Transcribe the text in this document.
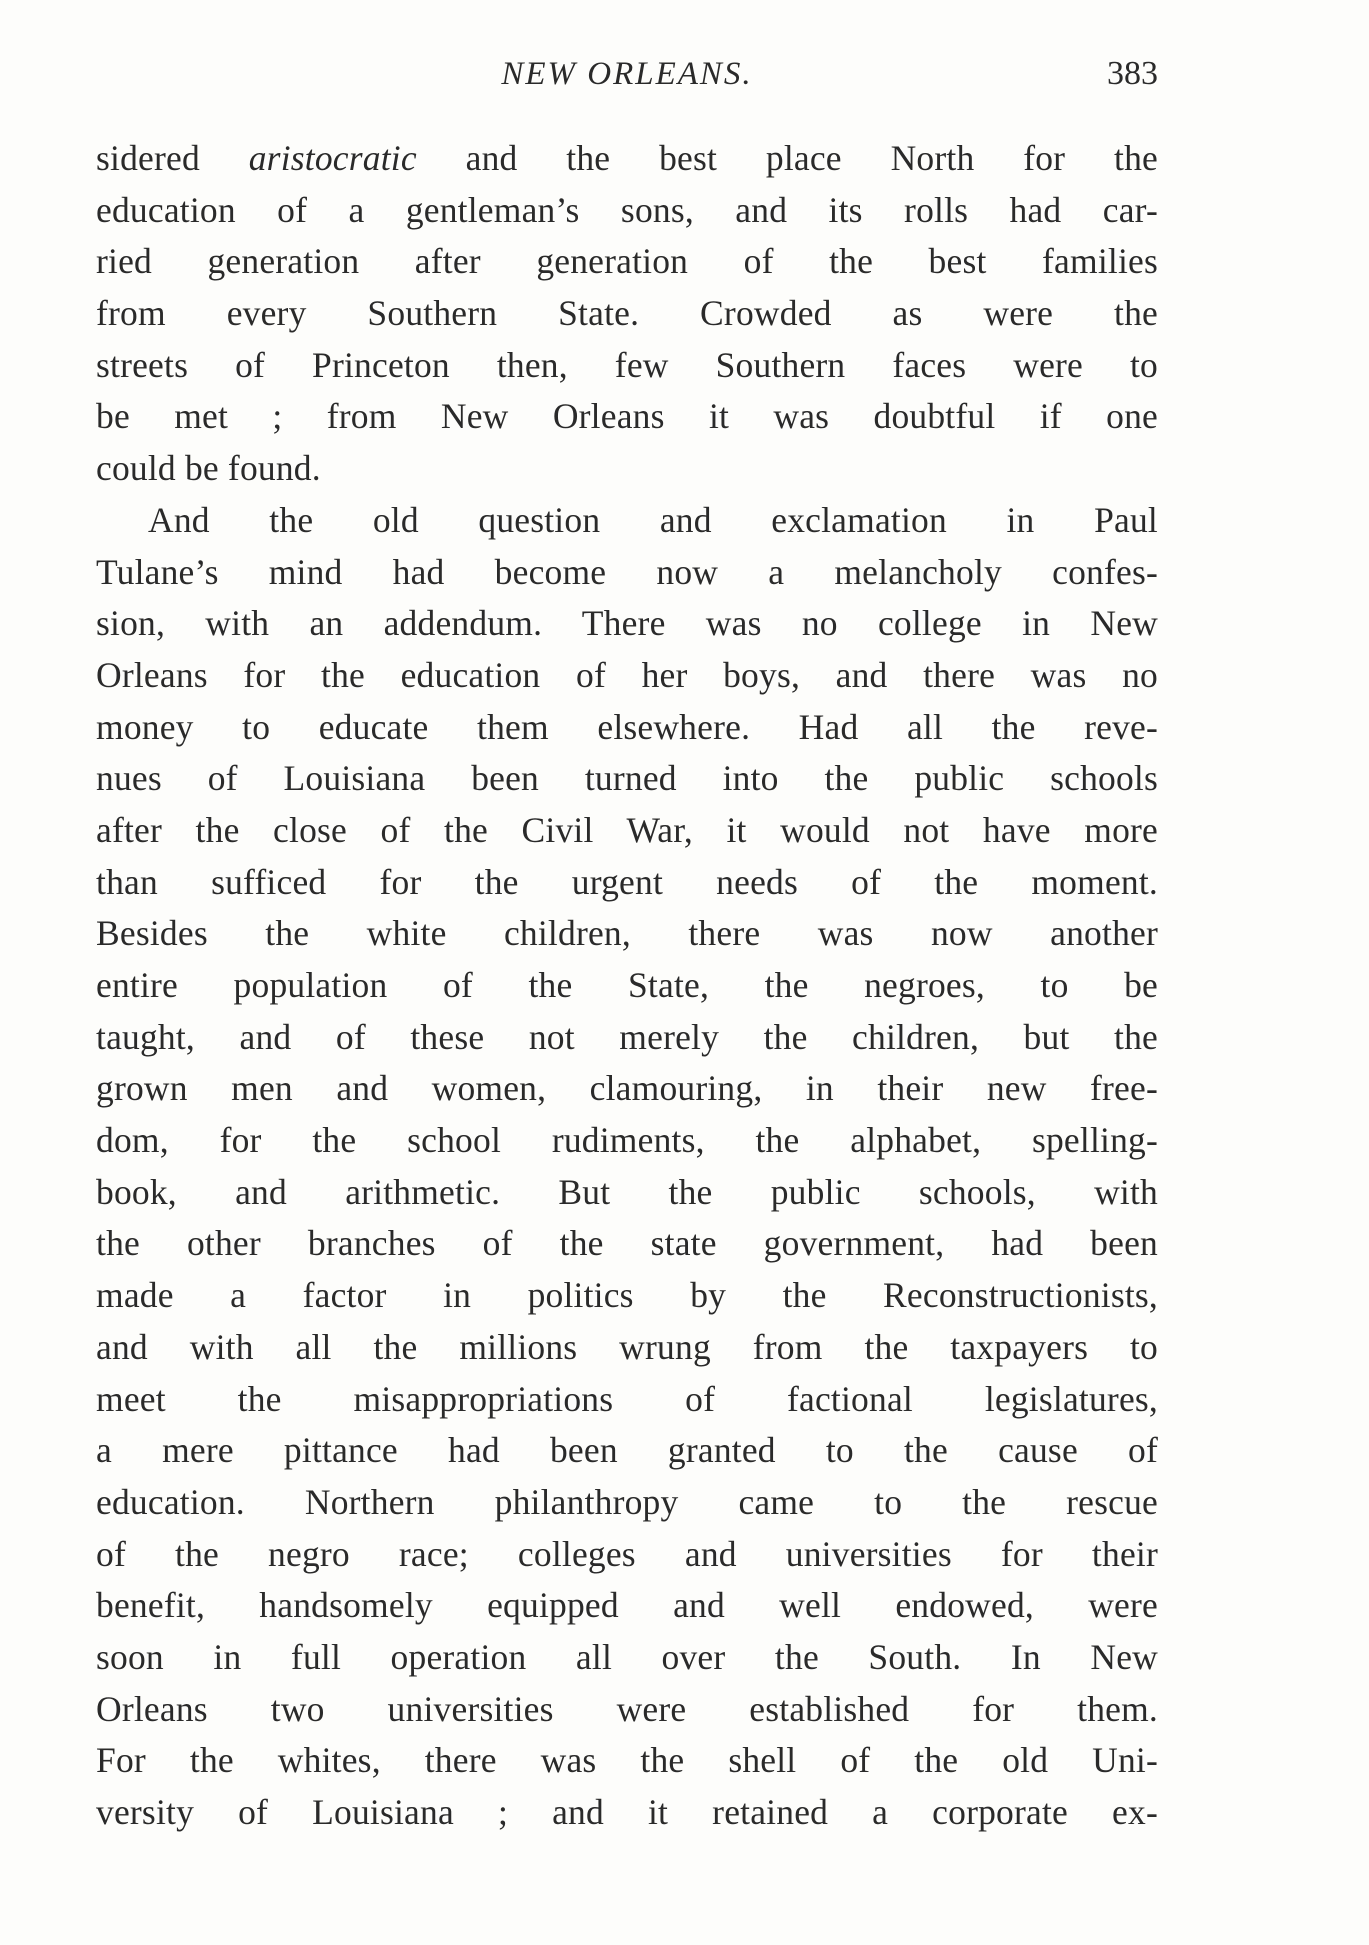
NEW ORLEANS.	383
sidered aristocratic and the best place North for the
education of a gentleman’s sons, and its rolls had car-
ried generation after generation of the best families
from every Southern State. Crowded as were the
streets of Princeton then, few Southern faces were to
be met ; from New Orleans it was doubtful if one
could be found.
And the old question and exclamation in Paul
Tulane’s mind had become now a melancholy confes-
sion, with an addendum. There was no college in New
Orleans for the education of her boys, and there was no
money to educate them elsewhere. Had all the reve-
nues of Louisiana been turned into the public schools
after the close of the Civil War, it would not have more
than sufficed for the urgent needs of the moment.
Besides the white children, there was now another
entire population of the State, the negroes, to be
taught, and of these not merely the children, but the
grown men and women, clamouring, in their new free-
dom, for the school rudiments, the alphabet, spelling-
book, and arithmetic. But the public schools, with
the other branches of the state government, had been
made a factor in politics by the Reconstructionists,
and with all the millions wrung from the taxpayers to
meet the misappropriations of factional legislatures,
a mere pittance had been granted to the cause of
education. Northern philanthropy came to the rescue
of the negro race; colleges and universities for their
benefit, handsomely equipped and well endowed, were
soon in full operation all over the South. In New
Orleans two universities were established for them.
For the whites, there was the shell of the old Uni-
versity of Louisiana ; and it retained a corporate ex-
